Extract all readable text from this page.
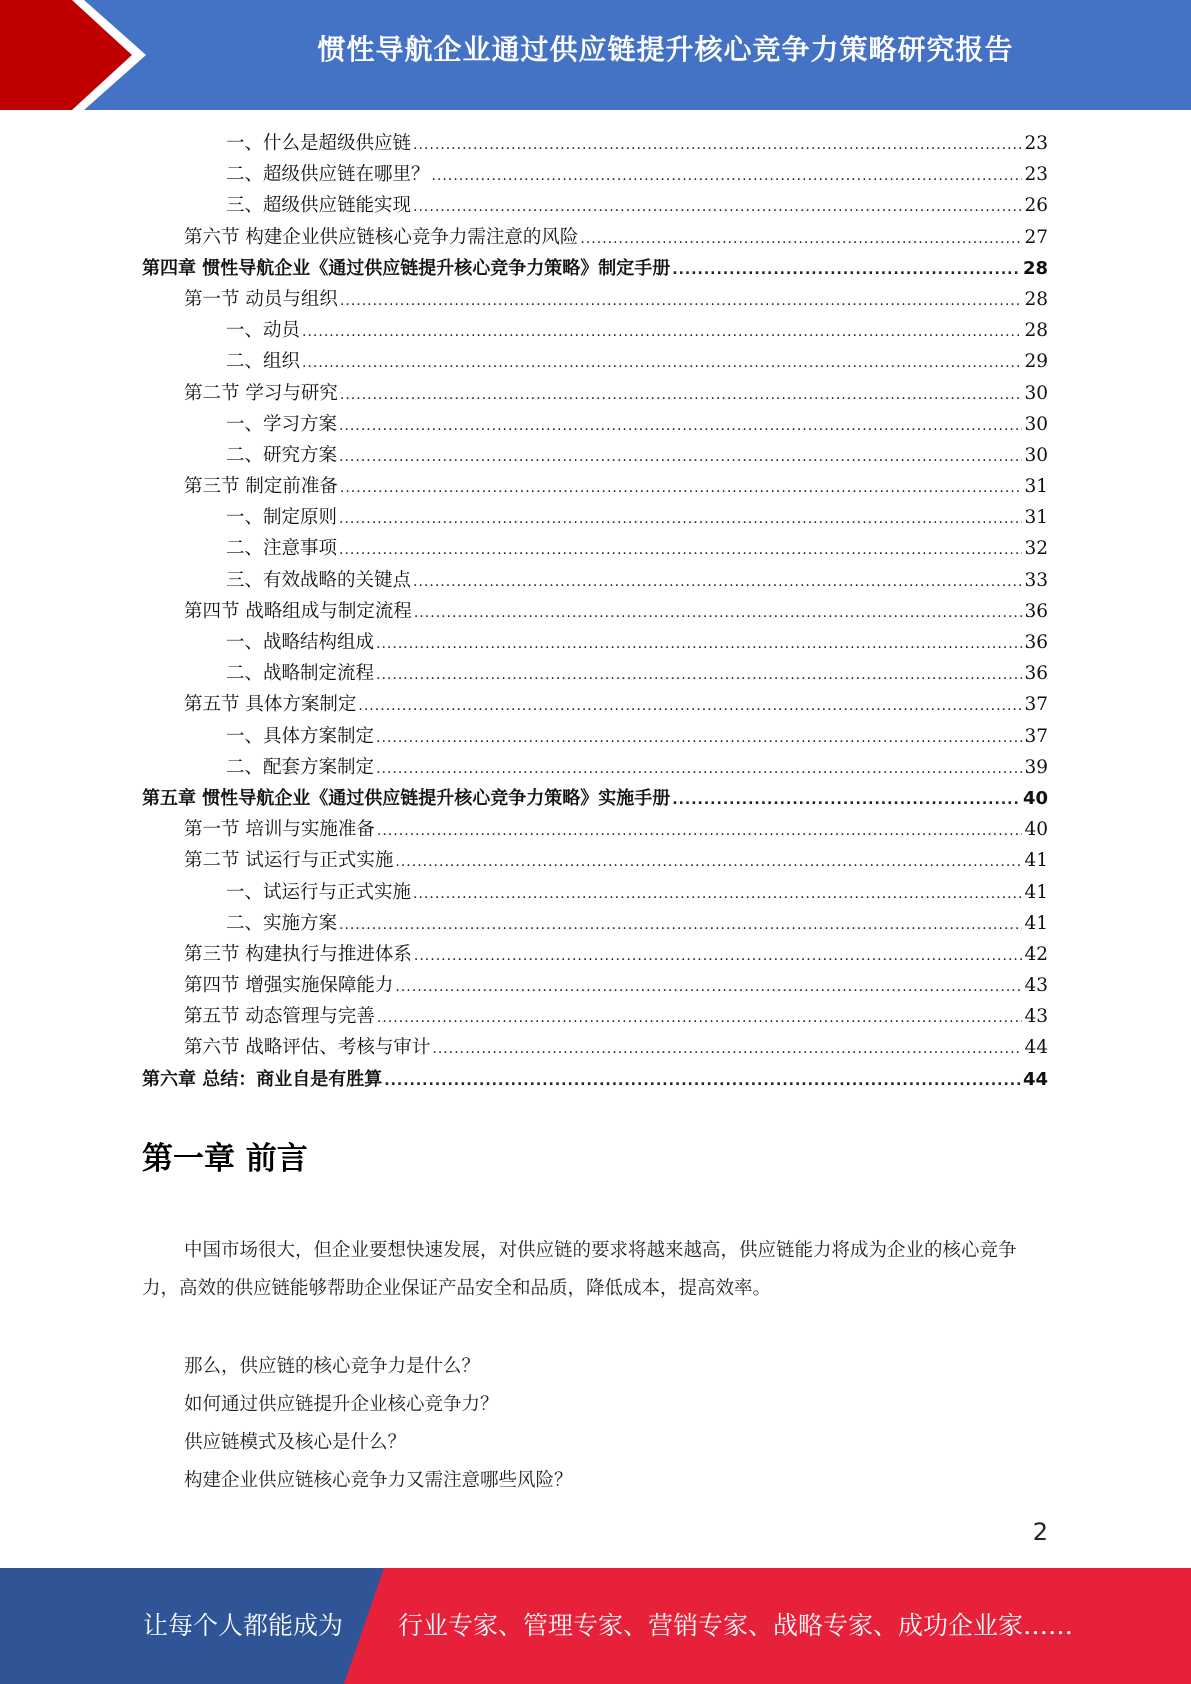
惯性导航企业通过供应链提升核心竞争力策略研究报告
一、什么是超级供应链 .....	23
二、超级供应链在哪里？ .....	23
三、超级供应链能实现 .....	26
第六节 构建企业供应链核心竞争力需注意的风险 .....	27
第四章 惯性导航企业《通过供应链提升核心竞争力策略》制定手册 .....	28
第一节 动员与组织 .....	28
一、动员 .....	28
二、组织 .....	29
第二节 学习与研究 .....	30
一、学习方案 .....	30
二、研究方案 .....	30
第三节 制定前准备 .....	31
一、制定原则 .....	31
二、注意事项 .....	32
三、有效战略的关键点 .....	33
第四节 战略组成与制定流程 .....	36
一、战略结构组成 .....	36
二、战略制定流程 .....	36
第五节 具体方案制定 .....	37
一、具体方案制定 .....	37
二、配套方案制定 .....	39
第五章 惯性导航企业《通过供应链提升核心竞争力策略》实施手册 .....	40
第一节 培训与实施准备 .....	40
第二节 试运行与正式实施 .....	41
一、试运行与正式实施 .....	41
二、实施方案 .....	41
第三节 构建执行与推进体系 .....	42
第四节 增强实施保障能力 .....	43
第五节 动态管理与完善 .....	43
第六节 战略评估、考核与审计 .....	44
第六章 总结：商业自是有胜算 .....	44
第一章 前言
中国市场很大，但企业要想快速发展，对供应链的要求将越来越高，供应链能力将成为企业的核心竞争力，高效的供应链能够帮助企业保证产品安全和品质，降低成本，提高效率。
那么，供应链的核心竞争力是什么？
如何通过供应链提升企业核心竞争力？
供应链模式及核心是什么？
构建企业供应链核心竞争力又需注意哪些风险？
2
让每个人都能成为 行业专家、管理专家、营销专家、战略专家、成功企业家……
